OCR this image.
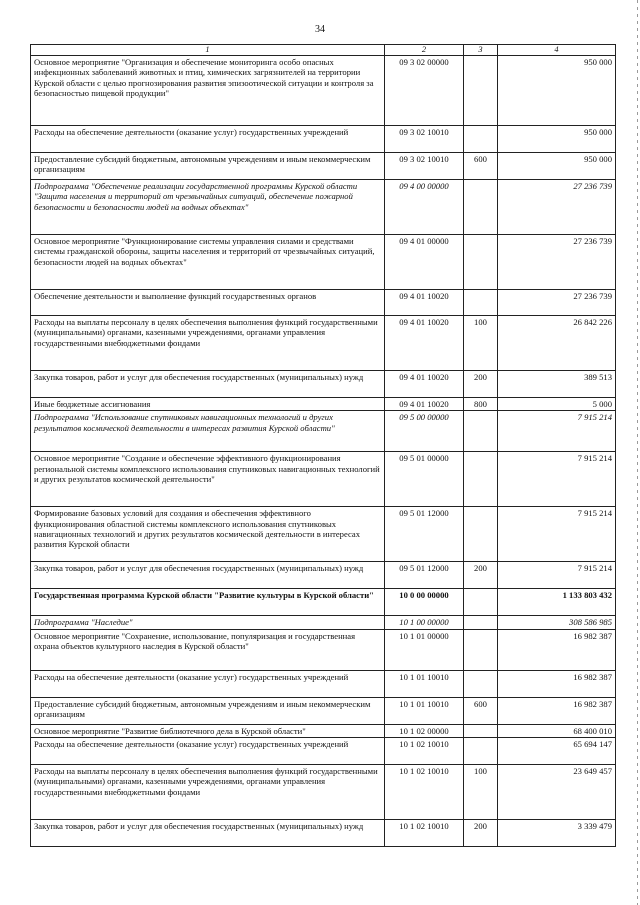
34
1	2	3	4
Основное мероприятие "Организация и обеспечение мониторинга особо опасных инфекционных заболеваний животных и птиц, химических загрязнителей на территории Курской области с целью прогнозирования развития эпизоотической ситуации и контроля за безопасностью пищевой продукции"	09 3 02 00000		950 000
Расходы на обеспечение деятельности (оказание услуг) государственных учреждений	09 3 02 10010		950 000
Предоставление субсидий бюджетным, автономным учреждениям и иным некоммерческим организациям	09 3 02 10010	600	950 000
Подпрограмма "Обеспечение реализации государственной программы Курской области "Защита населения и территорий от чрезвычайных ситуаций, обеспечение пожарной безопасности и безопасности людей на водных объектах"	09 4 00 00000		27 236 739
Основное мероприятие "Функционирование системы управления силами и средствами системы гражданской обороны, защиты населения и территорий от чрезвычайных ситуаций, безопасности людей на водных объектах"	09 4 01 00000		27 236 739
Обеспечение деятельности и выполнение функций государственных органов	09 4 01 10020		27 236 739
Расходы на выплаты персоналу в целях обеспечения выполнения функций государственными (муниципальными) органами, казенными учреждениями, органами управления государственными внебюджетными фондами	09 4 01 10020	100	26 842 226
Закупка товаров, работ и услуг для обеспечения государственных (муниципальных) нужд	09 4 01 10020	200	389 513
Иные бюджетные ассигнования	09 4 01 10020	800	5 000
Подпрограмма "Использование спутниковых навигационных технологий и других результатов космической деятельности в интересах развития Курской области"	09 5 00 00000		7 915 214
Основное мероприятие "Создание и обеспечение эффективного функционирования региональной системы комплексного использования спутниковых навигационных технологий и других результатов космической деятельности"	09 5 01 00000		7 915 214
Формирование базовых условий для создания и обеспечения эффективного функционирования областной системы комплексного использования спутниковых навигационных технологий и других результатов космической деятельности в интересах развития Курской области	09 5 01 12000		7 915 214
Закупка товаров, работ и услуг для обеспечения государственных (муниципальных) нужд	09 5 01 12000	200	7 915 214
Государственная программа Курской области "Развитие культуры в Курской области"	10 0 00 00000		1 133 803 432
Подпрограмма "Наследие"	10 1 00 00000		308 586 985
Основное мероприятие "Сохранение, использование, популяризация и государственная охрана объектов культурного наследия в Курской области"	10 1 01 00000		16 982 387
Расходы на обеспечение деятельности (оказание услуг) государственных учреждений	10 1 01 10010		16 982 387
Предоставление субсидий бюджетным, автономным учреждениям и иным некоммерческим организациям	10 1 01 10010	600	16 982 387
Основное мероприятие "Развитие библиотечного дела в Курской области"	10 1 02 00000		68 400 010
Расходы на обеспечение деятельности (оказание услуг) государственных учреждений	10 1 02 10010		65 694 147
Расходы на выплаты персоналу в целях обеспечения выполнения функций государственными (муниципальными) органами, казенными учреждениями, органами управления государственными внебюджетными фондами	10 1 02 10010	100	23 649 457
Закупка товаров, работ и услуг для обеспечения государственных (муниципальных) нужд	10 1 02 10010	200	3 339 479
